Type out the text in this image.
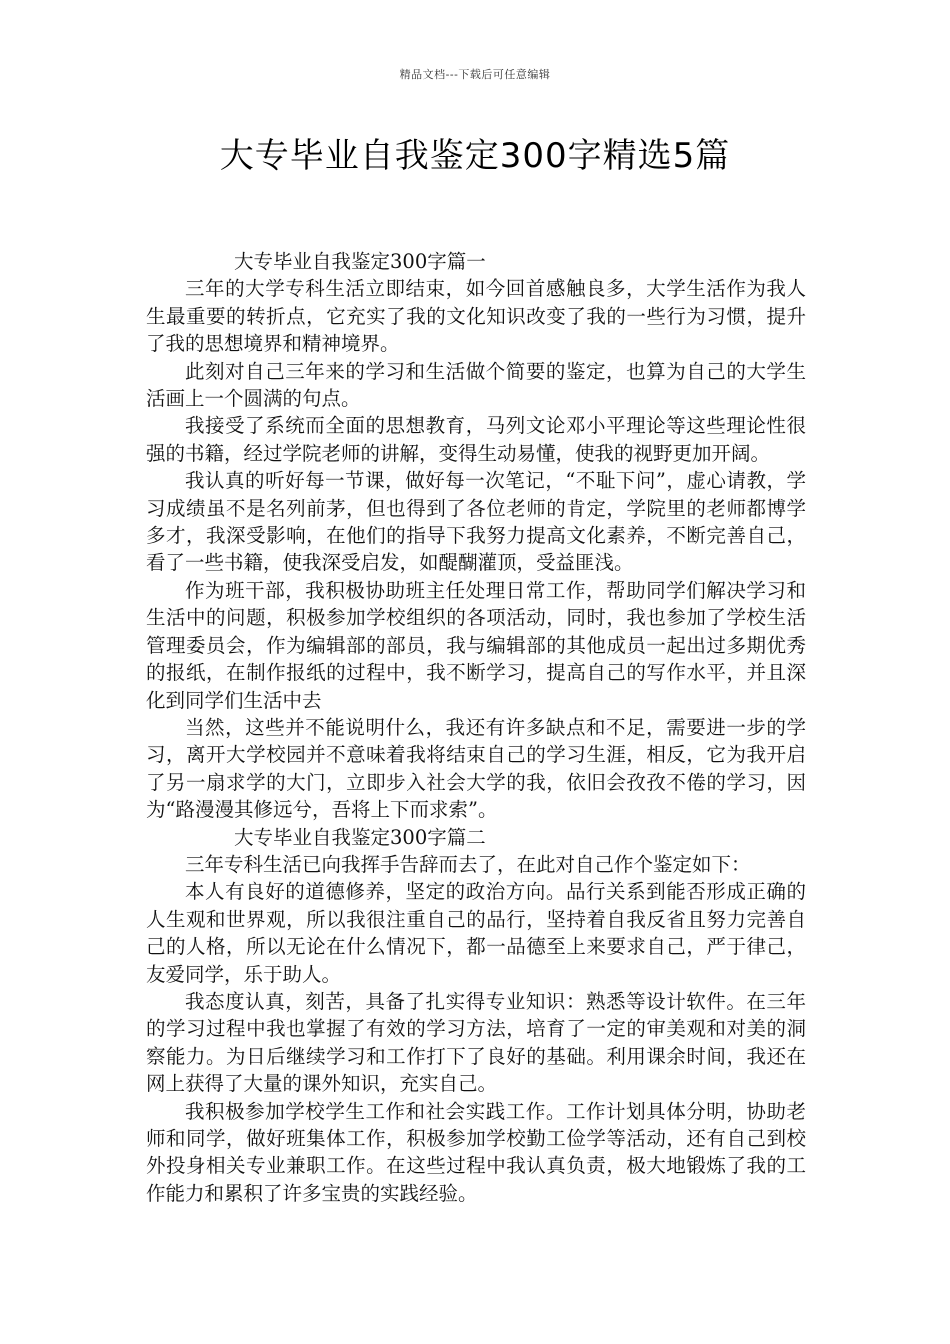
精品文档---下载后可任意编辑
大专毕业自我鉴定300字精选5篇
大专毕业自我鉴定300字篇一

三年的大学专科生活立即结束，如今回首感触良多，大学生活作为我人生最重要的转折点，它充实了我的文化知识改变了我的一些行为习惯，提升了我的思想境界和精神境界。

此刻对自己三年来的学习和生活做个简要的鉴定，也算为自己的大学生活画上一个圆满的句点。

我接受了系统而全面的思想教育，马列文论邓小平理论等这些理论性很强的书籍，经过学院老师的讲解，变得生动易懂，使我的视野更加开阔。

我认真的听好每一节课，做好每一次笔记，“不耻下问”，虚心请教，学习成绩虽不是名列前茅，但也得到了各位老师的肯定，学院里的老师都博学多才，我深受影响，在他们的指导下我努力提高文化素养，不断完善自己，看了一些书籍，使我深受启发，如醍醐灌顶，受益匪浅。

作为班干部，我积极协助班主任处理日常工作，帮助同学们解决学习和生活中的问题，积极参加学校组织的各项活动，同时，我也参加了学校生活管理委员会，作为编辑部的部员，我与编辑部的其他成员一起出过多期优秀的报纸，在制作报纸的过程中，我不断学习，提高自己的写作水平，并且深化到同学们生活中去

当然，这些并不能说明什么，我还有许多缺点和不足，需要进一步的学习，离开大学校园并不意味着我将结束自己的学习生涯，相反，它为我开启了另一扇求学的大门，立即步入社会大学的我，依旧会孜孜不倦的学习，因为“路漫漫其修远兮，吾将上下而求索”。

大专毕业自我鉴定300字篇二

三年专科生活已向我挥手告辞而去了，在此对自己作个鉴定如下：

本人有良好的道德修养，坚定的政治方向。品行关系到能否形成正确的人生观和世界观，所以我很注重自己的品行，坚持着自我反省且努力完善自己的人格，所以无论在什么情况下，都一品德至上来要求自己，严于律己，友爱同学，乐于助人。

我态度认真，刻苦，具备了扎实得专业知识：熟悉等设计软件。在三年的学习过程中我也掌握了有效的学习方法，培育了一定的审美观和对美的洞察能力。为日后继续学习和工作打下了良好的基础。利用课余时间，我还在网上获得了大量的课外知识，充实自己。

我积极参加学校学生工作和社会实践工作。工作计划具体分明，协助老师和同学，做好班集体工作，积极参加学校勤工俭学等活动，还有自己到校外投身相关专业兼职工作。在这些过程中我认真负责，极大地锻炼了我的工作能力和累积了许多宝贵的实践经验。
